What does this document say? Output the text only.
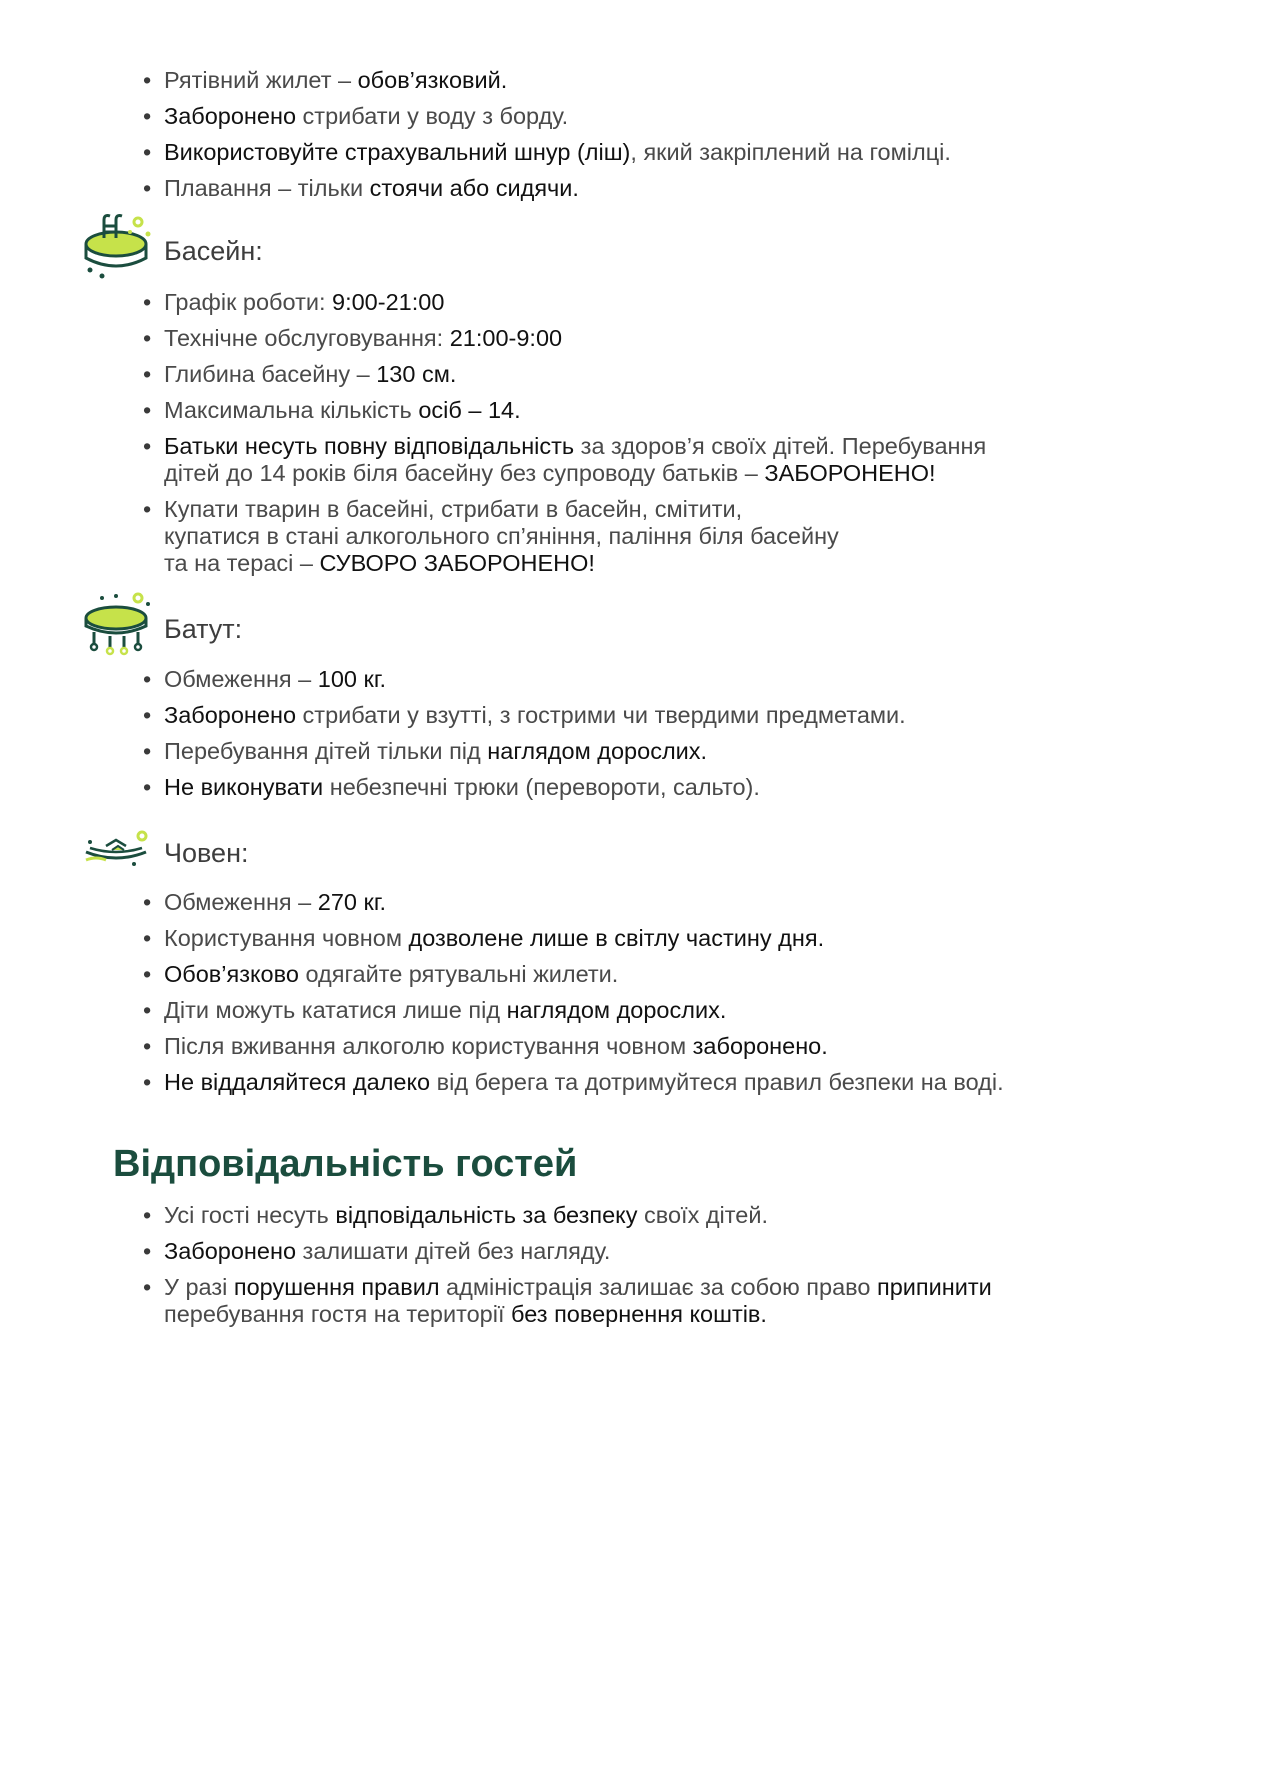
• Рятівний жилет – обов’язковий.
• Заборонено стрибати у воду з борду.
• Використовуйте страхувальний шнур (ліш), який закріплений на гомілці.
• Плавання – тільки стоячи або сидячи.
Басейн:
• Графік роботи: 9:00-21:00
• Технічне обслуговування: 21:00-9:00
• Глибина басейну – 130 см.
• Максимальна кількість осіб – 14.
• Батьки несуть повну відповідальність за здоров’я своїх дітей. Перебування
дітей до 14 років біля басейну без супроводу батьків – ЗАБОРОНЕНО!
• Купати тварин в басейні, стрибати в басейн, смітити,
купатися в стані алкогольного сп’яніння, паління біля басейну
та на терасі – СУВОРО ЗАБОРОНЕНО!
Батут:
• Обмеження – 100 кг.
• Заборонено стрибати у взутті, з гострими чи твердими предметами.
• Перебування дітей тільки під наглядом дорослих.
• Не виконувати небезпечні трюки (перевороти, сальто).
Човен:
• Обмеження – 270 кг.
• Користування човном дозволене лише в світлу частину дня.
• Обов’язково одягайте рятувальні жилети.
• Діти можуть кататися лише під наглядом дорослих.
• Після вживання алкоголю користування човном заборонено.
• Не віддаляйтеся далеко від берега та дотримуйтеся правил безпеки на воді.
Відповідальність гостей
• Усі гості несуть відповідальність за безпеку своїх дітей.
• Заборонено залишати дітей без нагляду.
• У разі порушення правил адміністрація залишає за собою право припинити
перебування гостя на території без повернення коштів.
